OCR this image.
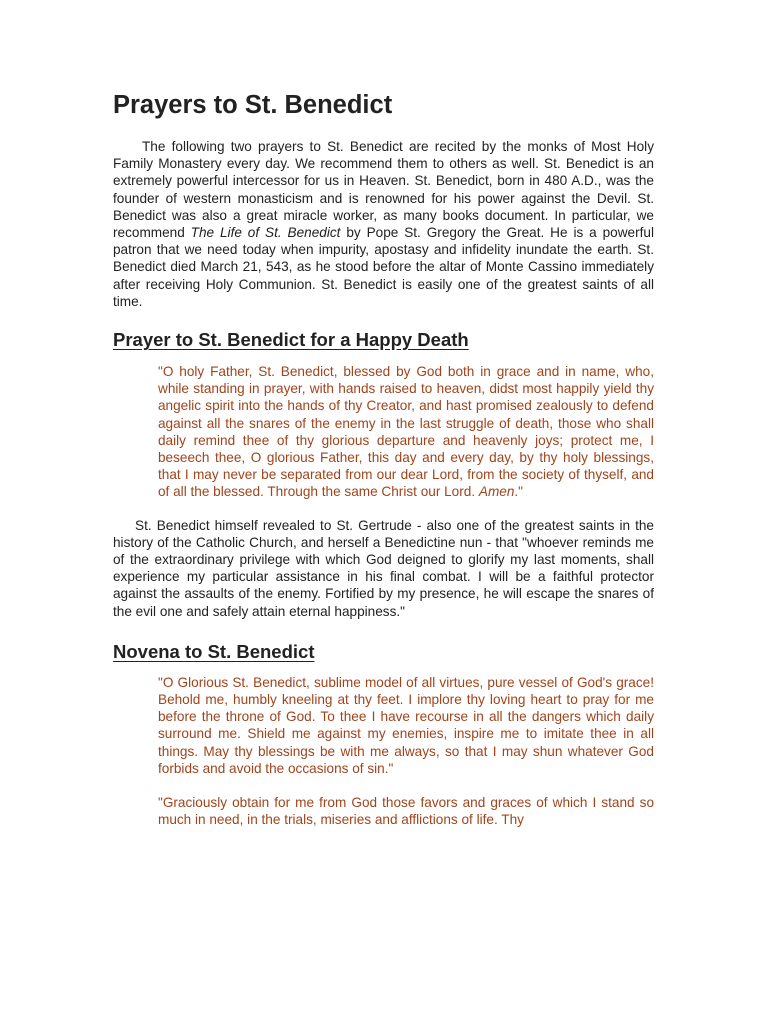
Prayers to St. Benedict

The following two prayers to St. Benedict are recited by the monks of Most Holy Family Monastery every day. We recommend them to others as well. St. Benedict is an extremely powerful intercessor for us in Heaven. St. Benedict, born in 480 A.D., was the founder of western monasticism and is renowned for his power against the Devil. St. Benedict was also a great miracle worker, as many books document. In particular, we recommend The Life of St. Benedict by Pope St. Gregory the Great. He is a powerful patron that we need today when impurity, apostasy and infidelity inundate the earth. St. Benedict died March 21, 543, as he stood before the altar of Monte Cassino immediately after receiving Holy Communion. St. Benedict is easily one of the greatest saints of all time.

Prayer to St. Benedict for a Happy Death

"O holy Father, St. Benedict, blessed by God both in grace and in name, who, while standing in prayer, with hands raised to heaven, didst most happily yield thy angelic spirit into the hands of thy Creator, and hast promised zealously to defend against all the snares of the enemy in the last struggle of death, those who shall daily remind thee of thy glorious departure and heavenly joys; protect me, I beseech thee, O glorious Father, this day and every day, by thy holy blessings, that I may never be separated from our dear Lord, from the society of thyself, and of all the blessed. Through the same Christ our Lord. Amen."

St. Benedict himself revealed to St. Gertrude - also one of the greatest saints in the history of the Catholic Church, and herself a Benedictine nun - that "whoever reminds me of the extraordinary privilege with which God deigned to glorify my last moments, shall experience my particular assistance in his final combat. I will be a faithful protector against the assaults of the enemy. Fortified by my presence, he will escape the snares of the evil one and safely attain eternal happiness."

Novena to St. Benedict

"O Glorious St. Benedict, sublime model of all virtues, pure vessel of God's grace! Behold me, humbly kneeling at thy feet. I implore thy loving heart to pray for me before the throne of God. To thee I have recourse in all the dangers which daily surround me. Shield me against my enemies, inspire me to imitate thee in all things. May thy blessings be with me always, so that I may shun whatever God forbids and avoid the occasions of sin."

"Graciously obtain for me from God those favors and graces of which I stand so much in need, in the trials, miseries and afflictions of life. Thy
